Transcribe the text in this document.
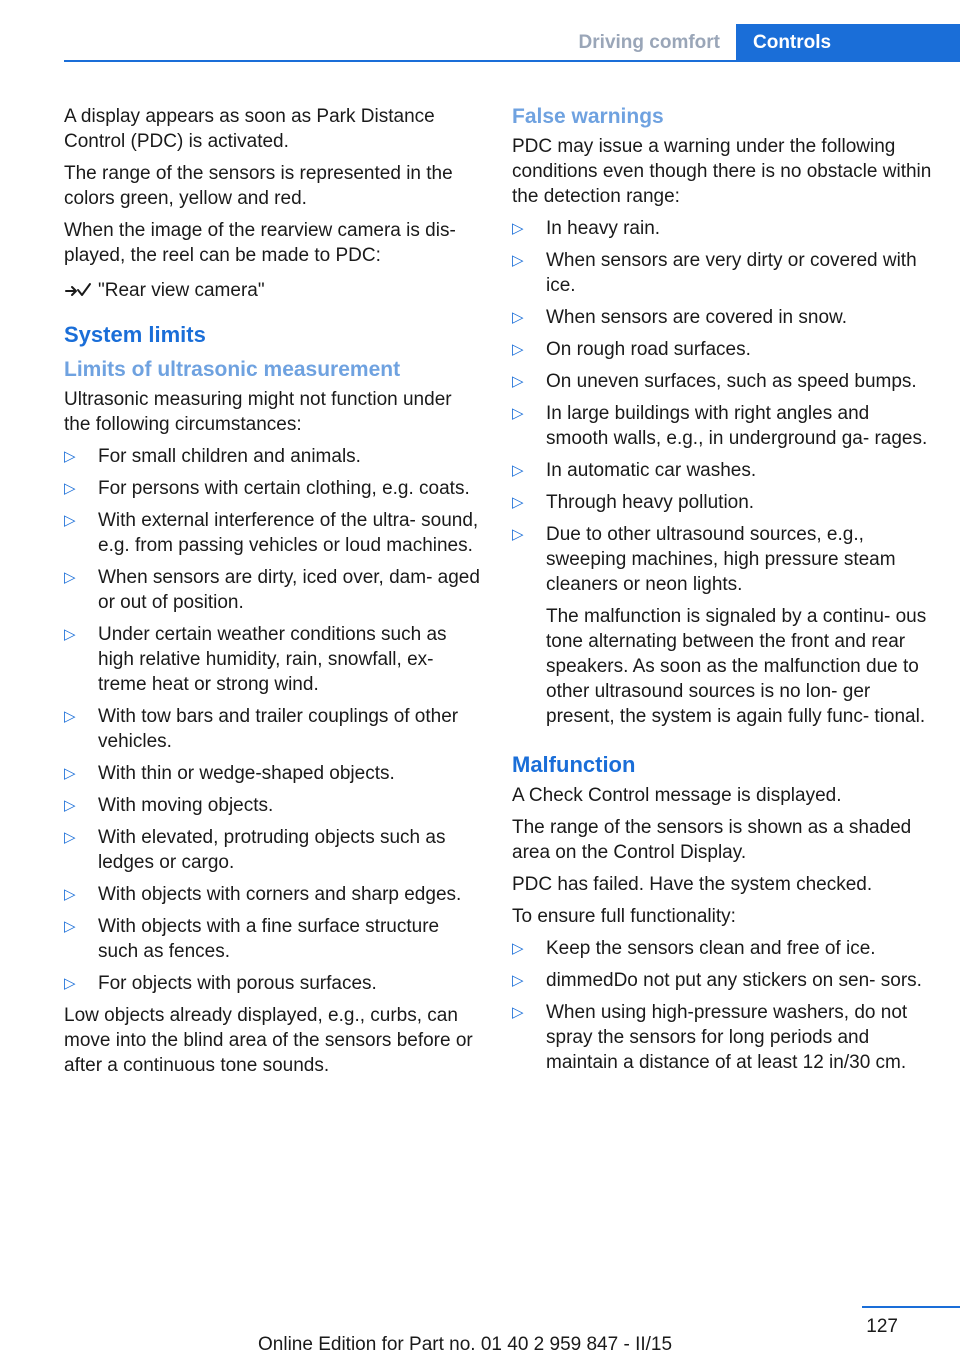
Driving comfort	Controls

A display appears as soon as Park Distance Control (PDC) is activated.

The range of the sensors is represented in the colors green, yellow and red.

When the image of the rearview camera is dis‐ played, the reel can be made to PDC:

"Rear view camera"
System limits
Limits of ultrasonic measurement

Ultrasonic measuring might not function under the following circumstances:

▷ For small children and animals.
▷ For persons with certain clothing, e.g. coats.
▷ With external interference of the ultra‐ sound, e.g. from passing vehicles or loud machines.
▷ When sensors are dirty, iced over, dam‐ aged or out of position.
▷ Under certain weather conditions such as high relative humidity, rain, snowfall, ex‐ treme heat or strong wind.
▷ With tow bars and trailer couplings of other vehicles.
▷ With thin or wedge-shaped objects.
▷ With moving objects.
▷ With elevated, protruding objects such as ledges or cargo.
▷ With objects with corners and sharp edges.
▷ With objects with a fine surface structure such as fences.
▷ For objects with porous surfaces.

Low objects already displayed, e.g., curbs, can move into the blind area of the sensors before or after a continuous tone sounds.

False warnings

PDC may issue a warning under the following conditions even though there is no obstacle within the detection range:

▷ In heavy rain.
▷ When sensors are very dirty or covered with ice.
▷ When sensors are covered in snow.
▷ On rough road surfaces.
▷ On uneven surfaces, such as speed bumps.
▷ In large buildings with right angles and smooth walls, e.g., in underground ga‐ rages.
▷ In automatic car washes.
▷ Through heavy pollution.
▷ Due to other ultrasound sources, e.g., sweeping machines, high pressure steam cleaners or neon lights.
The malfunction is signaled by a continu‐ ous tone alternating between the front and rear speakers. As soon as the malfunction due to other ultrasound sources is no lon‐ ger present, the system is again fully func‐ tional.
Malfunction

A Check Control message is displayed.

The range of the sensors is shown as a shaded area on the Control Display.

PDC has failed. Have the system checked.

To ensure full functionality:

▷ Keep the sensors clean and free of ice.
▷ dimmedDo not put any stickers on sen‐ sors.
▷ When using high-pressure washers, do not spray the sensors for long periods and maintain a distance of at least 12 in/30 cm.
127
Online Edition for Part no. 01 40 2 959 847 - II/15
